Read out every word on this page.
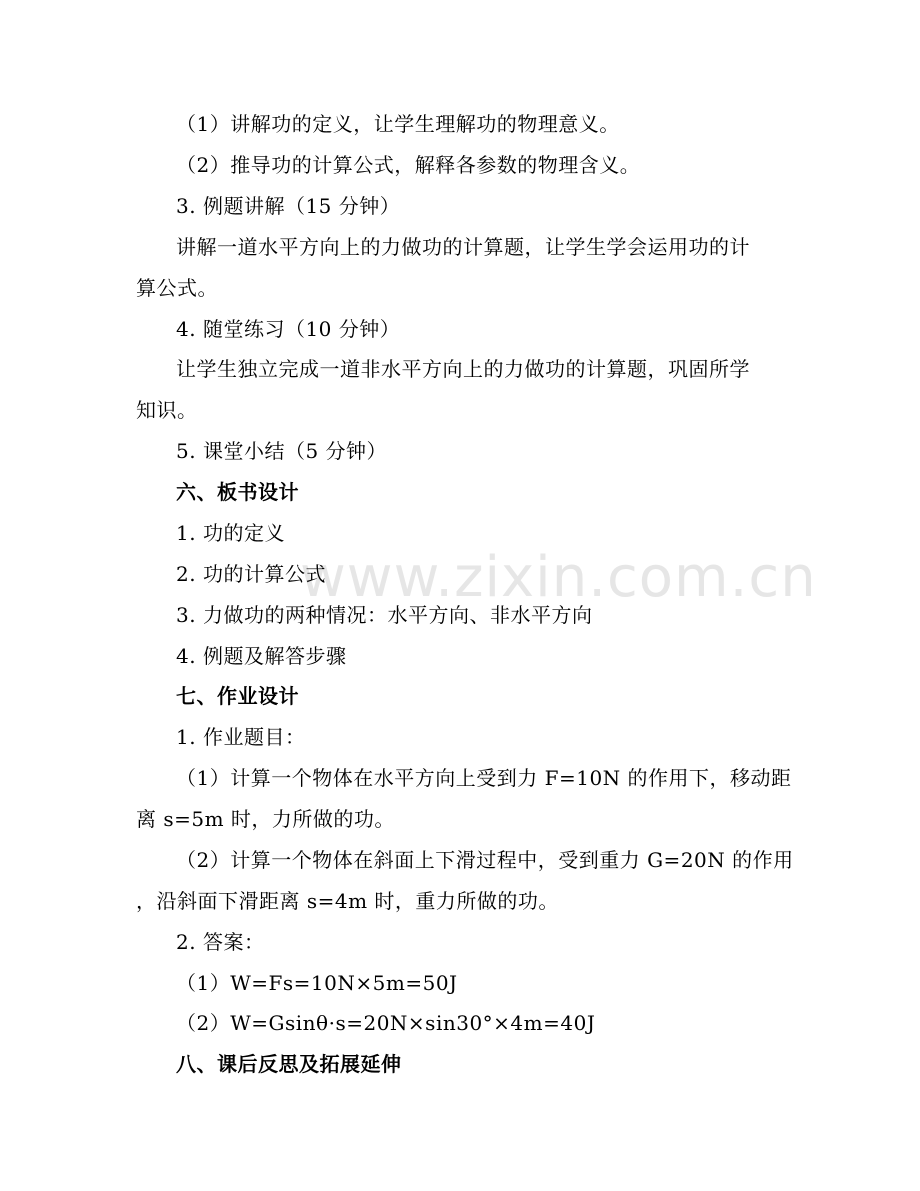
www.zixin.com.cn
（1）讲解功的定义，让学生理解功的物理意义。
（2）推导功的计算公式，解释各参数的物理含义。
3. 例题讲解（15 分钟）
讲解一道水平方向上的力做功的计算题，让学生学会运用功的计
算公式。
4. 随堂练习（10 分钟）
让学生独立完成一道非水平方向上的力做功的计算题，巩固所学
知识。
5. 课堂小结（5 分钟）
六、板书设计
1. 功的定义
2. 功的计算公式
3. 力做功的两种情况：水平方向、非水平方向
4. 例题及解答步骤
七、作业设计
1. 作业题目：
（1）计算一个物体在水平方向上受到力 F=10N 的作用下，移动距
离 s=5m 时，力所做的功。
（2）计算一个物体在斜面上下滑过程中，受到重力 G=20N 的作用
，沿斜面下滑距离 s=4m 时，重力所做的功。
2. 答案：
（1）W=Fs=10N×5m=50J
（2）W=Gsinθ·s=20N×sin30°×4m=40J
八、课后反思及拓展延伸
